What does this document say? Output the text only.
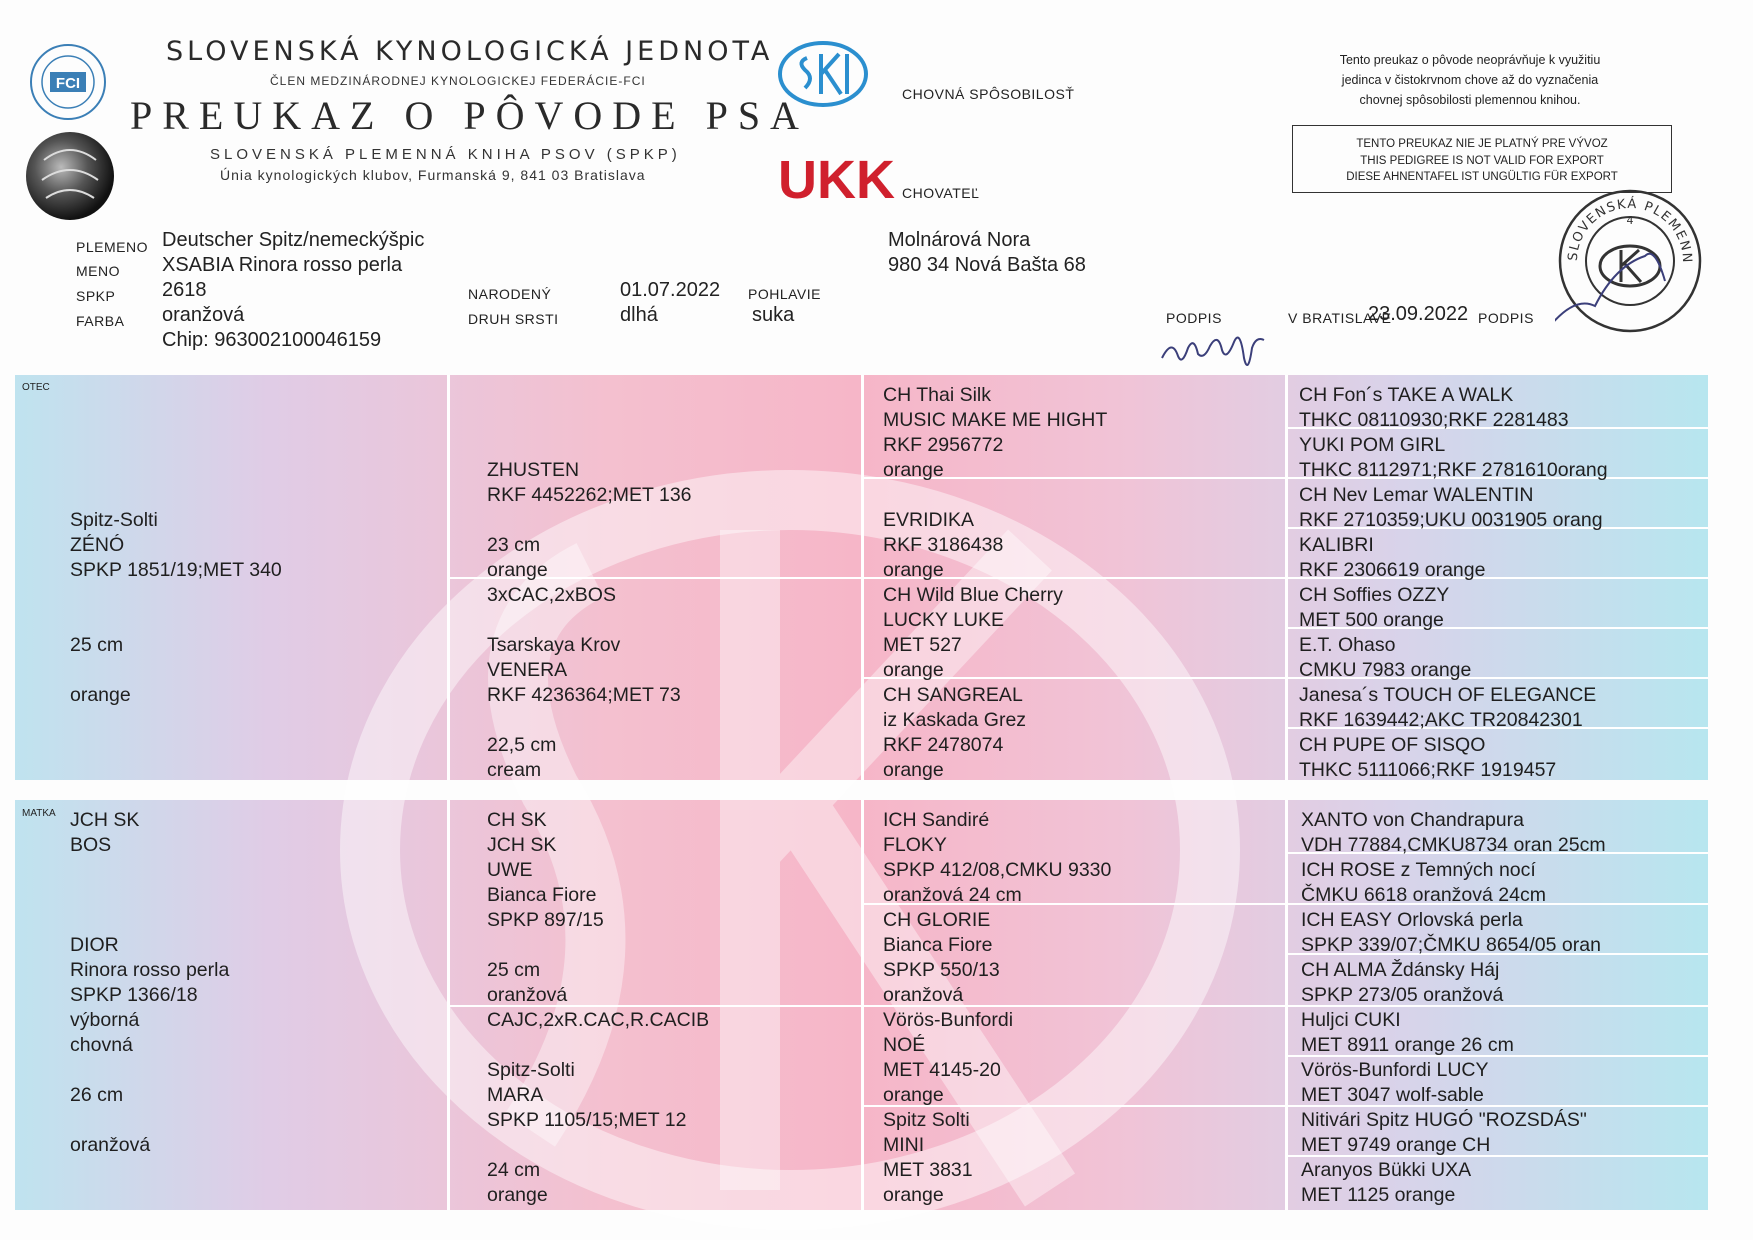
FCI
SLOVENSKÁ KYNOLOGICKÁ JEDNOTA
ČLEN MEDZINÁRODNEJ KYNOLOGICKEJ FEDERÁCIE-FCI
PREUKAZ O PÔVODE PSA
SLOVENSKÁ PLEMENNÁ KNIHA PSOV (SPKP)
Únia kynologických klubov, Furmanská 9, 841 03 Bratislava UKK
CHOVNÁ SPÔSOBILOSŤ
CHOVATEĽ
Tento preukaz o pôvode neoprávňuje k využitiu jedinca v čistokrvnom chove až do vyznačenia chovnej spôsobilosti plemennou knihou.
TENTO PREUKAZ NIE JE PLATNÝ PRE VÝVOZ
THIS PEDIGREE IS NOT VALID FOR EXPORT
DIESE AHNENTAFEL IST UNGÜLTIG FÜR EXPORT
SLOVENSKÁ PLEMENN
4
PLEMENO
MENO
SPKP
FARBA
Deutscher Spitz/nemeckýšpic
XSABIA Rinora rosso perla
2618
oranžová
Chip: 963002100046159
NARODENÝ
DRUH SRSTI
01.07.2022
dlhá
POHLAVIE
suka
Molnárová Nora
980 34 Nová Bašta 68
PODPIS	V BRATISLAVE
23.09.2022 PODPIS
OTEC
MATKA
Spitz-Solti
ZÉNÓ
SPKP 1851/19;MET 340

25 cm

orange
ZHUSTEN
RKF 4452262;MET 136

23 cm
orange
3xCAC,2xBOS
Tsarskaya Krov
VENERA
RKF 4236364;MET 73

22,5 cm
cream
CH Thai Silk
MUSIC MAKE ME HIGHT
RKF 2956772
orange
EVRIDIKA
RKF 3186438
orange
CH Wild Blue Cherry
LUCKY LUKE
MET 527
orange
CH SANGREAL
iz Kaskada Grez
RKF 2478074
orange
CH Fon´s TAKE A WALK
THKC 08110930;RKF 2281483
YUKI POM GIRL
THKC 8112971;RKF 2781610orang
CH Nev Lemar WALENTIN
RKF 2710359;UKU 0031905 orang
KALIBRI
RKF 2306619 orange
CH Soffies OZZY
MET 500 orange
E.T. Ohaso
CMKU 7983 orange
Janesa´s TOUCH OF ELEGANCE
RKF 1639442;AKC TR20842301
CH PUPE OF SISQO
THKC 5111066;RKF 1919457
JCH SK
BOS

DIOR
Rinora rosso perla
SPKP 1366/18
výborná
chovná

26 cm

oranžová
CH SK
JCH SK
UWE
Bianca Fiore
SPKP 897/15

25 cm
oranžová
CAJC,2xR.CAC,R.CACIB
Spitz-Solti
MARA
SPKP 1105/15;MET 12

24 cm
orange
ICH Sandiré
FLOKY
SPKP 412/08,CMKU 9330
oranžová 24 cm
CH GLORIE
Bianca Fiore
SPKP 550/13
oranžová
Vörös-Bunfordi
NOÉ
MET 4145-20
orange
Spitz Solti
MINI
MET 3831
orange
XANTO von Chandrapura
VDH 77884,CMKU8734 oran 25cm
ICH ROSE z Temných nocí
ČMKU 6618 oranžová 24cm
ICH EASY Orlovská perla
SPKP 339/07;ČMKU 8654/05 oran
CH ALMA Ždánsky Háj
SPKP 273/05 oranžová
Huljci CUKI
MET 8911 orange 26 cm
Vörös-Bunfordi LUCY
MET 3047 wolf-sable
Nitivári Spitz HUGÓ "ROZSDÁS"
MET 9749 orange CH
Aranyos Bükki UXA
MET 1125 orange
